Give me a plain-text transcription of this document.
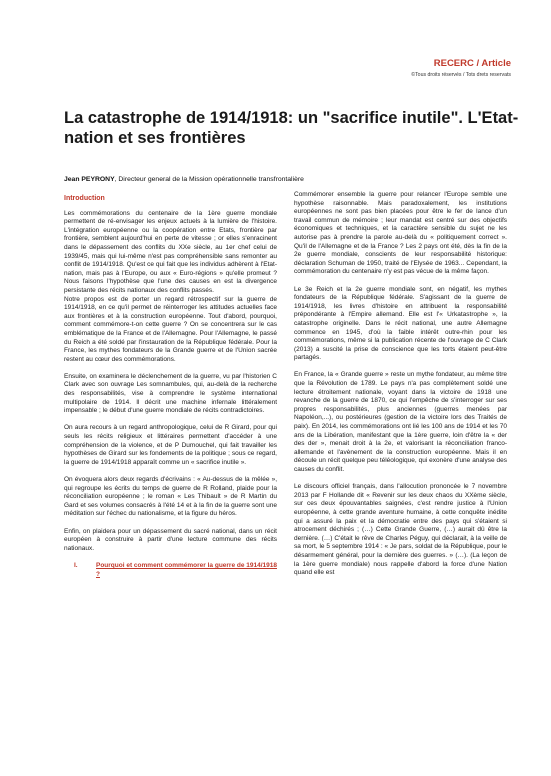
RECERC / Article
©Tous droits réservés / Tots drets reservats
La catastrophe de 1914/1918: un "sacrifice inutile". L'Etat-nation et ses frontières
Jean PEYRONY, Directeur general de la Mission opérationnelle transfrontalière
Introduction

Les commémorations du centenaire de la 1ère guerre mondiale permettent de ré-envisager les enjeux actuels à la lumière de l'histoire. L'intégration européenne ou la coopération entre Etats, frontière par frontière, semblent aujourd'hui en perte de vitesse ; or elles s'enracinent dans le dépassement des conflits du XXe siècle, au 1er chef celui de 1939/45, mais qui lui-même n'est pas compréhensible sans remonter au conflit de 1914/1918. Qu'est ce qui fait que les individus adhèrent à l'Etat-nation, mais pas à l'Europe, ou aux « Euro-régions » qu'elle promeut ? Nous faisons l'hypothèse que l'une des causes en est la divergence persistante des récits nationaux des conflits passés.

Notre propos est de porter un regard rétrospectif sur la guerre de 1914/1918, en ce qu'il permet de réinterroger les attitudes actuelles face aux frontières et à la construction européenne. Tout d'abord, pourquoi, comment commémore-t-on cette guerre ? On se concentrera sur le cas emblématique de la France et de l'Allemagne. Pour l'Allemagne, le passé du Reich a été soldé par l'instauration de la République fédérale. Pour la France, les mythes fondateurs de la Grande guerre et de l'Union sacrée restent au cœur des commémorations.

Ensuite, on examinera le déclenchement de la guerre, vu par l'historien C Clark avec son ouvrage Les somnambules, qui, au-delà de la recherche des responsabilités, vise à comprendre le système international multipolaire de 1914. Il décrit une machine infernale littéralement impensable ; le début d'une guerre mondiale de récits contradictoires.

On aura recours à un regard anthropologique, celui de R Girard, pour qui seuls les récits religieux et littéraires permettent d'accéder à une compréhension de la violence, et de P Dumouchel, qui fait travailler les hypothèses de Girard sur les fondements de la politique ; sous ce regard, la guerre de 1914/1918 apparaît comme un « sacrifice inutile ».

On évoquera alors deux regards d'écrivains : « Au-dessus de la mêlée », qui regroupe les écrits du temps de guerre de R Rolland, plaide pour la réconciliation européenne ; le roman « Les Thibault » de R Martin du Gard et ses volumes consacrés à l'été 14 et à la fin de la guerre sont une méditation sur l'échec du nationalisme, et la figure du héros.

Enfin, on plaidera pour un dépassement du sacré national, dans un récit européen à construire à partir d'une lecture commune des récits nationaux.

I.	Pourquoi et comment commémorer la guerre de 1914/1918 ?

Commémorer ensemble la guerre pour relancer l'Europe semble une hypothèse raisonnable. Mais paradoxalement, les institutions européennes ne sont pas bien placées pour être le fer de lance d'un travail commun de mémoire ; leur mandat est centré sur des objectifs économiques et techniques, et la caractère sensible du sujet ne les autorise pas à prendre la parole au-delà du « politiquement correct ». Qu'il de l'Allemagne et de la France ? Les 2 pays ont été, dès la fin de la 2e guerre mondiale, conscients de leur responsabilité historique: déclaration Schuman de 1950, traité de l'Elysée de 1963... Cependant, la commémoration du centenaire n'y est pas vécue de la même façon.

Le 3e Reich et la 2e guerre mondiale sont, en négatif, les mythes fondateurs de la République fédérale. S'agissant de la guerre de 1914/1918, les livres d'histoire en attribuent la responsabilité prépondérante à l'Empire allemand. Elle est l'« Urkatastrophe », la catastrophe originelle. Dans le récit national, une autre Allemagne commence en 1945, d'où la faible intérêt outre-rhin pour les commémorations, même si la publication récente de l'ouvrage de C Clark (2013) a suscité la prise de conscience que les torts étaient peut-être partagés.

En France, la « Grande guerre » reste un mythe fondateur, au même titre que la Révolution de 1789. Le pays n'a pas complètement soldé une lecture étroitement nationale, voyant dans la victoire de 1918 une revanche de la guerre de 1870, ce qui l'empêche de s'interroger sur ses propres responsabilités, plus anciennes (guerres menées par Napoléon,...), ou postérieures (gestion de la victoire lors des Traités de paix). En 2014, les commémorations ont lié les 100 ans de 1914 et les 70 ans de la Libération, manifestant que la 1ère guerre, loin d'être la « der des der », menait droit à la 2e, et valorisant la réconciliation franco- allemande et l'avènement de la construction européenne. Mais il en découle un récit quelque peu téléologique, qui exonère d'une analyse des causes du conflit.

Le discours officiel français, dans l'allocution prononcée le 7 novembre 2013 par F Hollande dit « Revenir sur les deux chaos du XXème siècle, sur ces deux épouvantables saignées, c'est rendre justice à l'Union européenne, à cette grande aventure humaine, à cette conquête inédite qui a assuré la paix et la démocratie entre des pays qui s'étaient si atrocement déchirés ; (…) Cette Grande Guerre, (…) aurait dû être la dernière. (…) C'était le rêve de Charles Péguy, qui déclarait, à la veille de sa mort, le 5 septembre 1914 : « Je pars, soldat de la République, pour le désarmement général, pour la dernière des guerres. » (…). (La leçon de la 1ère guerre mondiale) nous rappelle d'abord la force d'une Nation quand elle est
